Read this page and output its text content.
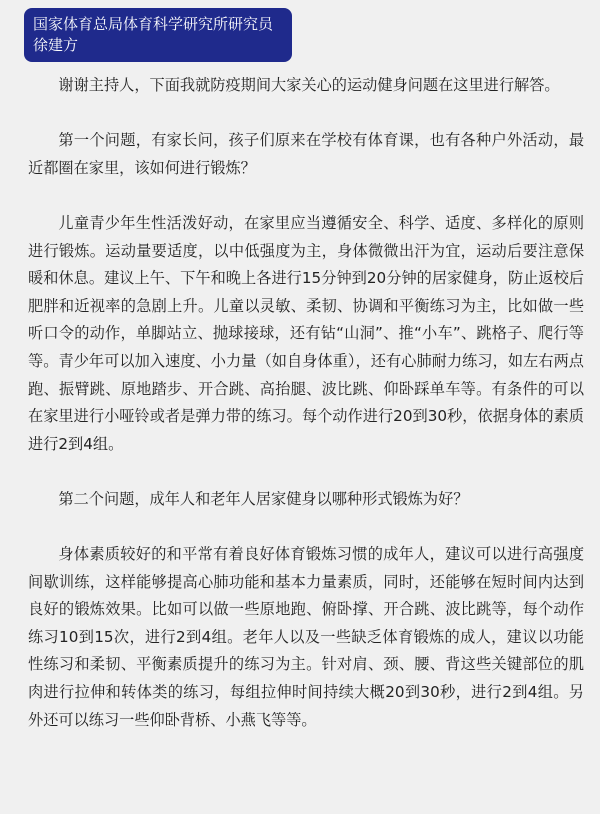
国家体育总局体育科学研究所研究员
徐建方

谢谢主持人，下面我就防疫期间大家关心的运动健身问题在这里进行解答。

第一个问题，有家长问，孩子们原来在学校有体育课，也有各种户外活动，最近都圈在家里，该如何进行锻炼？

儿童青少年生性活泼好动，在家里应当遵循安全、科学、适度、多样化的原则进行锻炼。运动量要适度，以中低强度为主，身体微微出汗为宜，运动后要注意保暖和休息。建议上午、下午和晚上各进行15分钟到20分钟的居家健身，防止返校后肥胖和近视率的急剧上升。儿童以灵敏、柔韧、协调和平衡练习为主，比如做一些听口令的动作，单脚站立、抛球接球，还有钻“山洞”、推“小车”、跳格子、爬行等等。青少年可以加入速度、小力量（如自身体重），还有心肺耐力练习，如左右两点跑、振臂跳、原地踏步、开合跳、高抬腿、波比跳、仰卧踩单车等。有条件的可以在家里进行小哑铃或者是弹力带的练习。每个动作进行20到30秒，依据身体的素质进行2到4组。

第二个问题，成年人和老年人居家健身以哪种形式锻炼为好？

身体素质较好的和平常有着良好体育锻炼习惯的成年人，建议可以进行高强度间歇训练，这样能够提高心肺功能和基本力量素质，同时，还能够在短时间内达到良好的锻炼效果。比如可以做一些原地跑、俯卧撑、开合跳、波比跳等，每个动作练习10到15次，进行2到4组。老年人以及一些缺乏体育锻炼的成人，建议以功能性练习和柔韧、平衡素质提升的练习为主。针对肩、颈、腰、背这些关键部位的肌肉进行拉伸和转体类的练习，每组拉伸时间持续大概20到30秒，进行2到4组。另外还可以练习一些仰卧背桥、小燕飞等等。
